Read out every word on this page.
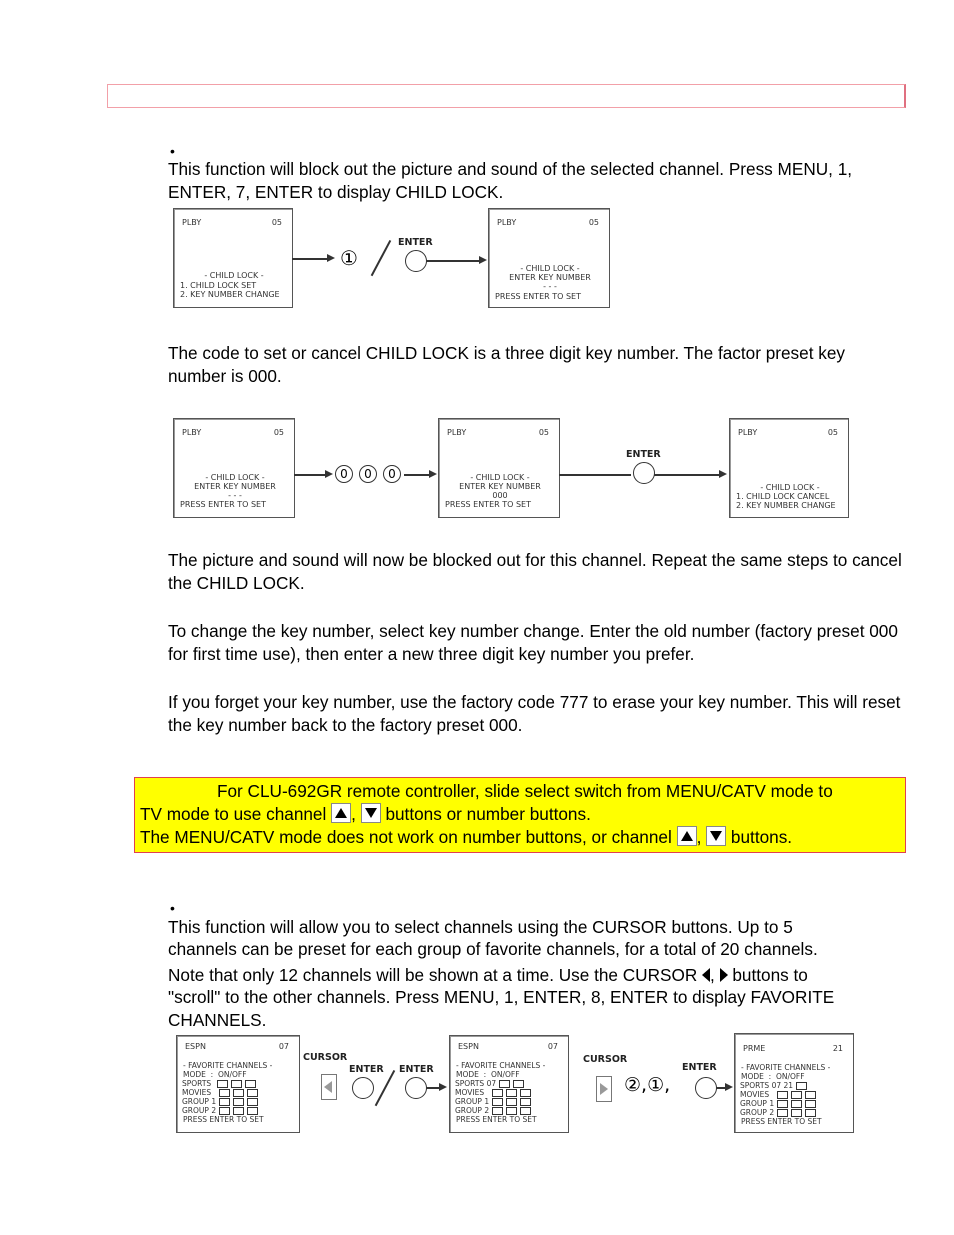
•
This function will block out the picture and sound of the selected channel. Press MENU, 1, ENTER, 7, ENTER to display CHILD LOCK.
PLBY	05
- CHILD LOCK -
1. CHILD LOCK SET
2. KEY NUMBER CHANGE
①
ENTER
PLBY	05
- CHILD LOCK -
ENTER KEY NUMBER
- - -
PRESS ENTER TO SET
The code to set or cancel CHILD LOCK is a three digit key number. The factor preset key number is 000.
PLBY	05
- CHILD LOCK -
ENTER KEY NUMBER
- - -
PRESS ENTER TO SET
0	0	0
PLBY	05
- CHILD LOCK -
ENTER KEY NUMBER
000
PRESS ENTER TO SET
ENTER
PLBY	05
- CHILD LOCK -
1. CHILD LOCK CANCEL
2. KEY NUMBER CHANGE
The picture and sound will now be blocked out for this channel. Repeat the same steps to cancel the CHILD LOCK.
To change the key number, select key number change. Enter the old number (factory preset 000 for first time use), then enter a new three digit key number you prefer.
If you forget your key number, use the factory code 777 to erase your key number. This will reset the key number back to the factory preset 000.
For CLU-692GR remote controller, slide select switch from MENU/CATV mode to
TV mode to use channel , buttons or number buttons.
The MENU/CATV mode does not work on number buttons, or channel , buttons.
•
This function will allow you to select channels using the CURSOR buttons. Up to 5
channels can be preset for each group of favorite channels, for a total of 20 channels.
Note that only 12 channels will be shown at a time. Use the CURSOR , buttons to
"scroll" to the other channels. Press MENU, 1, ENTER, 8, ENTER to display FAVORITE CHANNELS.
ESPN	07
- FAVORITE CHANNELS -
MODE  :  ON/OFF
SPORTS
MOVIES
GROUP 1
GROUP 2
PRESS ENTER TO SET
CURSOR
ENTER ENTER
ESPN	07
- FAVORITE CHANNELS -
MODE  :  ON/OFF
SPORTS 07
MOVIES
GROUP 1
GROUP 2
PRESS ENTER TO SET
CURSOR
②,①,
ENTER
PRME	21
- FAVORITE CHANNELS -
MODE  :  ON/OFF
SPORTS 07 21
MOVIES
GROUP 1
GROUP 2
PRESS ENTER TO SET
